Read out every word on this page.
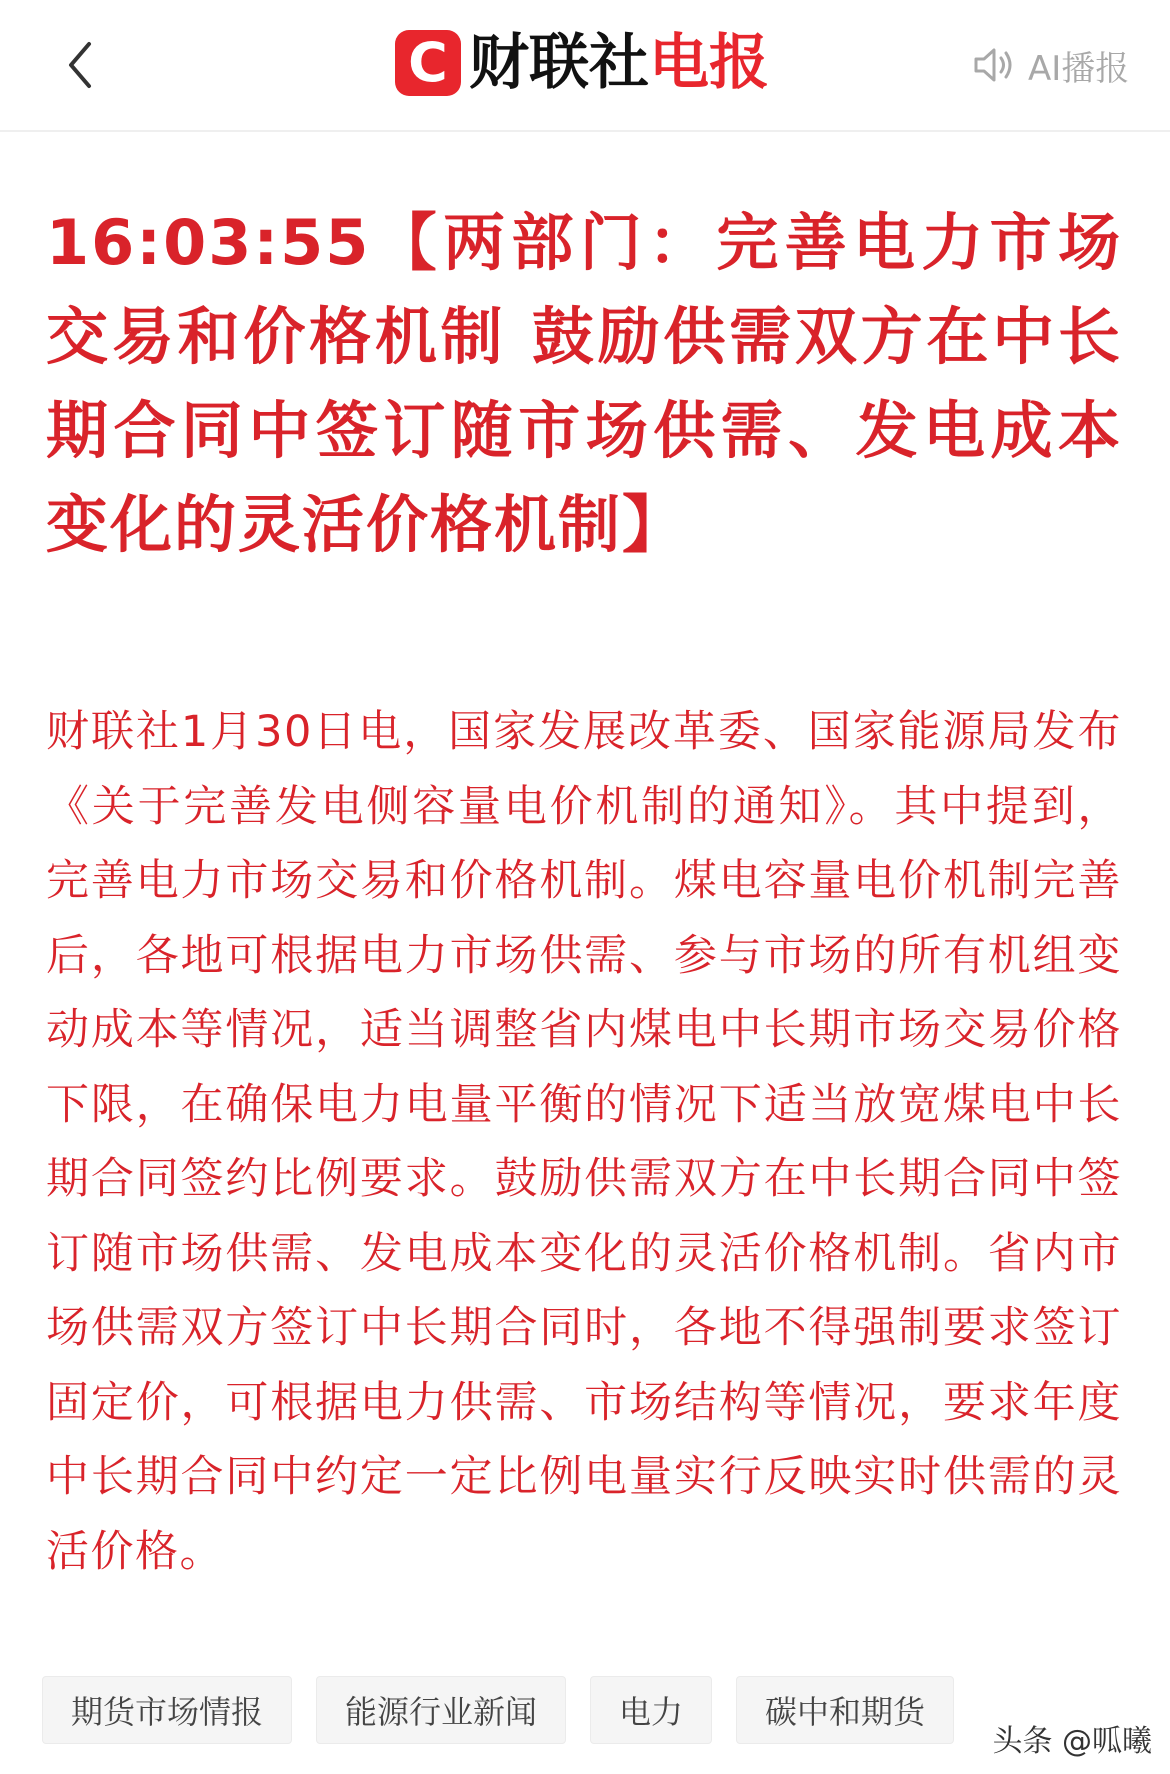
C 财联社电报	AI播报
16:03:55【两部门：完善电力市场交易和价格机制 鼓励供需双方在中长期合同中签订随市场供需、发电成本变化的灵活价格机制】

财联社1月30日电，国家发展改革委、国家能源局发布《关于完善发电侧容量电价机制的通知》。其中提到，完善电力市场交易和价格机制。煤电容量电价机制完善后，各地可根据电力市场供需、参与市场的所有机组变动成本等情况，适当调整省内煤电中长期市场交易价格下限，在确保电力电量平衡的情况下适当放宽煤电中长期合同签约比例要求。鼓励供需双方在中长期合同中签订随市场供需、发电成本变化的灵活价格机制。省内市场供需双方签订中长期合同时，各地不得强制要求签订固定价，可根据电力供需、市场结构等情况，要求年度中长期合同中约定一定比例电量实行反映实时供需的灵活价格。

期货市场情报	能源行业新闻	电力	碳中和期货
头条 @呱曦
